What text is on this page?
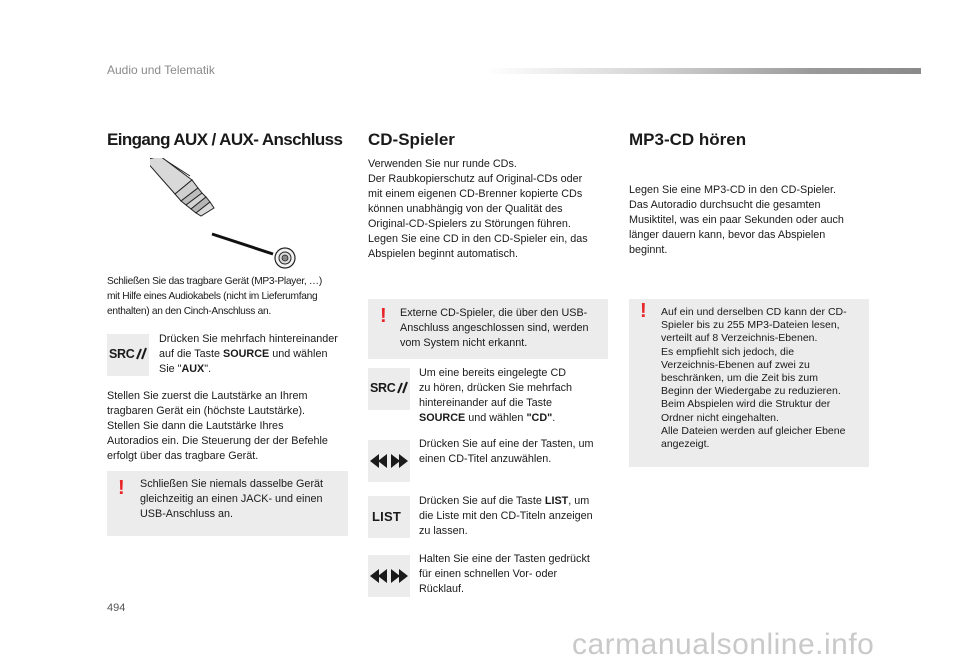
Audio und Telematik
Eingang AUX / AUX- Anschluss
Schließen Sie das tragbare Gerät (MP3-Player, …)
mit Hilfe eines Audiokabels (nicht im Lieferumfang
enthalten) an den Cinch-Anschluss an.
SRC
Drücken Sie mehrfach hintereinander
auf die Taste SOURCE und wählen
Sie "AUX".
Stellen Sie zuerst die Lautstärke an Ihrem
tragbaren Gerät ein (höchste Lautstärke).
Stellen Sie dann die Lautstärke Ihres
Autoradios ein. Die Steuerung der der Befehle
erfolgt über das tragbare Gerät.
! Schließen Sie niemals dasselbe Gerät
gleichzeitig an einen JACK- und einen
USB-Anschluss an.
CD-Spieler
Verwenden Sie nur runde CDs.
Der Raubkopierschutz auf Original-CDs oder
mit einem eigenen CD-Brenner kopierte CDs
können unabhängig von der Qualität des
Original-CD-Spielers zu Störungen führen.
Legen Sie eine CD in den CD-Spieler ein, das
Abspielen beginnt automatisch.
! Externe CD-Spieler, die über den USB-
Anschluss angeschlossen sind, werden
vom System nicht erkannt.
SRC
Um eine bereits eingelegte CD
zu hören, drücken Sie mehrfach
hintereinander auf die Taste
SOURCE und wählen "CD".
Drücken Sie auf eine der Tasten, um
einen CD-Titel anzuwählen.
LIST
Drücken Sie auf die Taste LIST, um
die Liste mit den CD-Titeln anzeigen
zu lassen.
Halten Sie eine der Tasten gedrückt
für einen schnellen Vor- oder
Rücklauf.
MP3-CD hören
Legen Sie eine MP3-CD in den CD-Spieler.
Das Autoradio durchsucht die gesamten
Musiktitel, was ein paar Sekunden oder auch
länger dauern kann, bevor das Abspielen
beginnt.
! Auf ein und derselben CD kann der CD-
Spieler bis zu 255 MP3-Dateien lesen,
verteilt auf 8 Verzeichnis-Ebenen.
Es empfiehlt sich jedoch, die
Verzeichnis-Ebenen auf zwei zu
beschränken, um die Zeit bis zum
Beginn der Wiedergabe zu reduzieren.
Beim Abspielen wird die Struktur der
Ordner nicht eingehalten.
Alle Dateien werden auf gleicher Ebene
angezeigt.
494
carmanualsonline.info
